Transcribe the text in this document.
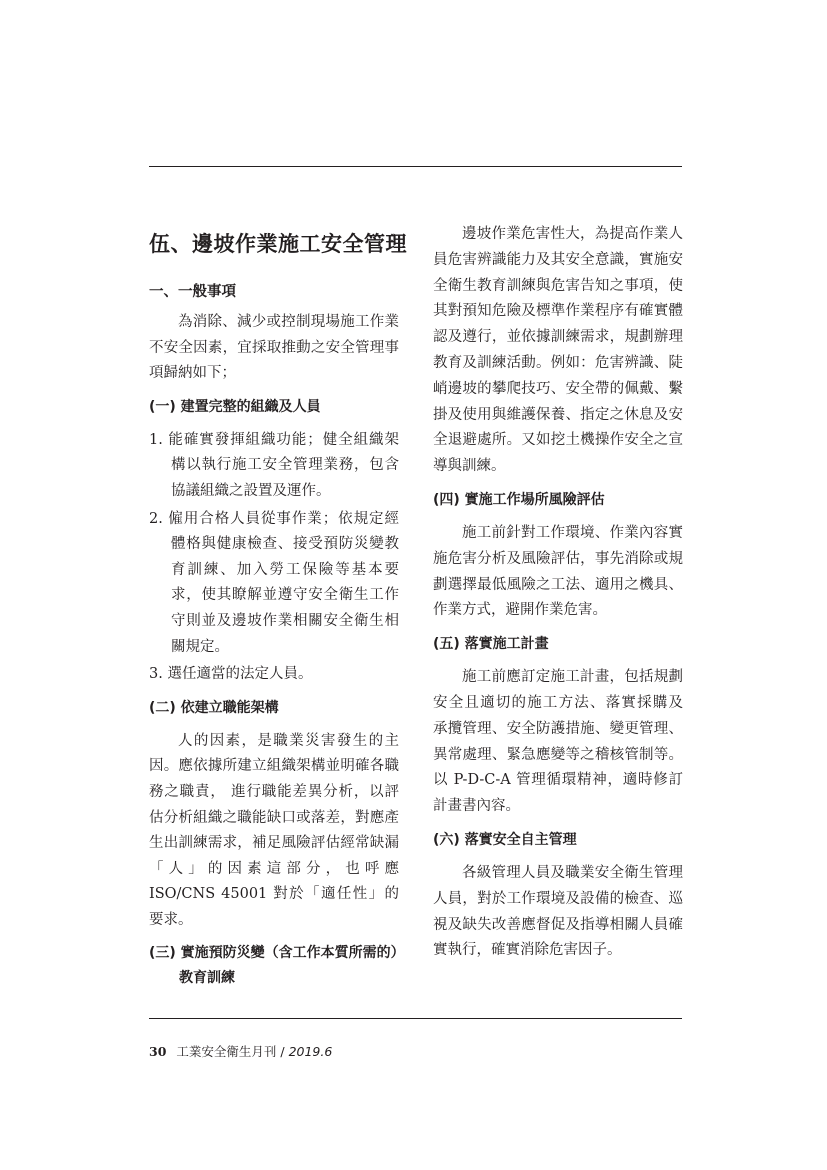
伍、邊坡作業施工安全管理
一、一般事項

為消除、減少或控制現場施工作業不安全因素，宜採取推動之安全管理事項歸納如下；

(一) 建置完整的組織及人員
1. 能確實發揮組織功能；健全組織架構以執行施工安全管理業務，包含協議組織之設置及運作。
2. 僱用合格人員從事作業；依規定經體格與健康檢查、接受預防災變教育訓練、加入勞工保險等基本要求，使其瞭解並遵守安全衛生工作守則並及邊坡作業相關安全衛生相關規定。
3. 選任適當的法定人員。
(二) 依建立職能架構

人的因素，是職業災害發生的主因。應依據所建立組織架構並明確各職務之職責， 進行職能差異分析，以評估分析組織之職能缺口或落差，對應產生出訓練需求，補足風險評估經常缺漏「人」的因素這部分，也呼應ISO/CNS 45001 對於「適任性」的要求。

(三) 實施預防災變（含工作本質所需的）教育訓練

邊坡作業危害性大，為提高作業人員危害辨識能力及其安全意識，實施安全衛生教育訓練與危害告知之事項，使其對預知危險及標準作業程序有確實體認及遵行，並依據訓練需求，規劃辦理教育及訓練活動。例如：危害辨識、陡峭邊坡的攀爬技巧、安全帶的佩戴、繫掛及使用與維護保養、指定之休息及安全退避處所。又如挖土機操作安全之宣導與訓練。

(四) 實施工作場所風險評估

施工前針對工作環境、作業內容實施危害分析及風險評估，事先消除或規劃選擇最低風險之工法、適用之機具、作業方式，避開作業危害。

(五) 落實施工計畫

施工前應訂定施工計畫，包括規劃安全且適切的施工方法、落實採購及 承攬管理、安全防護措施、變更管理、異常處理、緊急應變等之稽核管制等。以 P-D-C-A 管理循環精神，適時修訂計畫書內容。

(六) 落實安全自主管理

各級管理人員及職業安全衛生管理人員，對於工作環境及設備的檢查、巡視及缺失改善應督促及指導相關人員確實執行，確實消除危害因子。

30 工業安全衛生月刊 / 2019.6
